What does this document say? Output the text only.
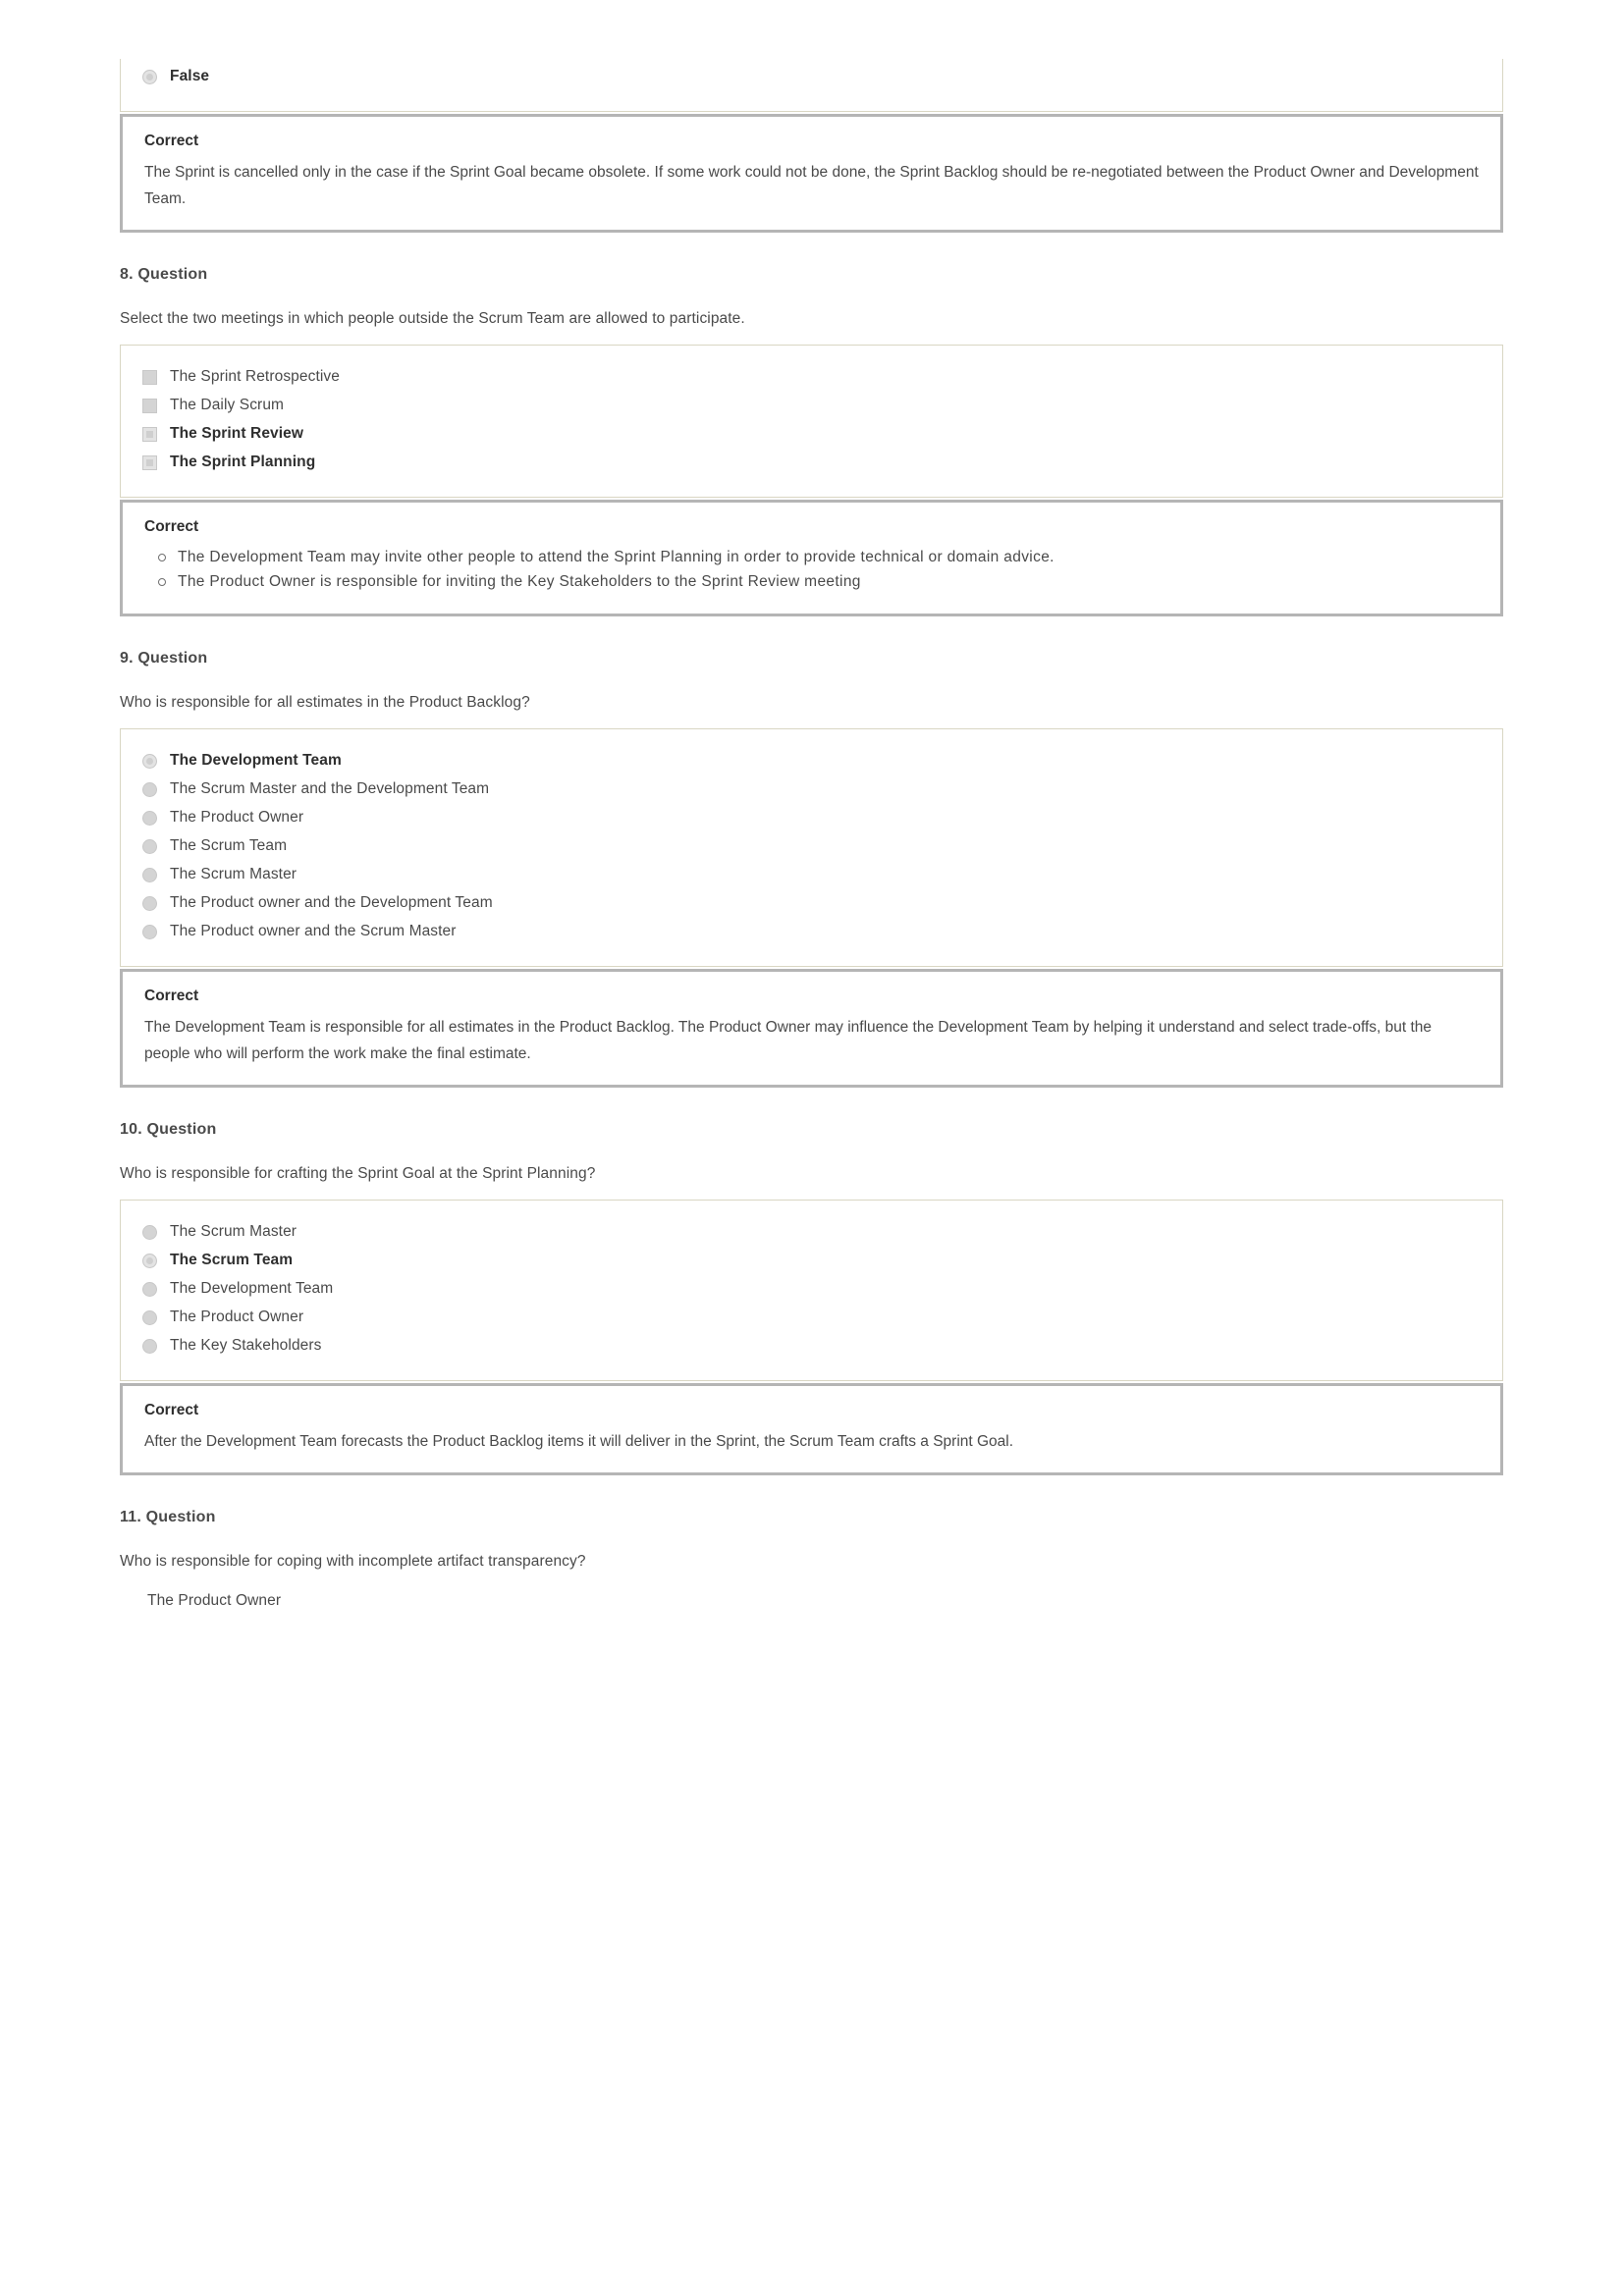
False
Correct
The Sprint is cancelled only in the case if the Sprint Goal became obsolete. If some work could not be done, the Sprint Backlog should be re-negotiated between the Product Owner and Development Team.
8. Question
Select the two meetings in which people outside the Scrum Team are allowed to participate.
The Sprint Retrospective
The Daily Scrum
The Sprint Review
The Sprint Planning
Correct
The Development Team may invite other people to attend the Sprint Planning in order to provide technical or domain advice.
The Product Owner is responsible for inviting the Key Stakeholders to the Sprint Review meeting
9. Question
Who is responsible for all estimates in the Product Backlog?
The Development Team
The Scrum Master and the Development Team
The Product Owner
The Scrum Team
The Scrum Master
The Product owner and the Development Team
The Product owner and the Scrum Master
Correct
The Development Team is responsible for all estimates in the Product Backlog. The Product Owner may influence the Development Team by helping it understand and select trade-offs, but the people who will perform the work make the final estimate.
10. Question
Who is responsible for crafting the Sprint Goal at the Sprint Planning?
The Scrum Master
The Scrum Team
The Development Team
The Product Owner
The Key Stakeholders
Correct
After the Development Team forecasts the Product Backlog items it will deliver in the Sprint, the Scrum Team crafts a Sprint Goal.
11. Question
Who is responsible for coping with incomplete artifact transparency?
The Product Owner
